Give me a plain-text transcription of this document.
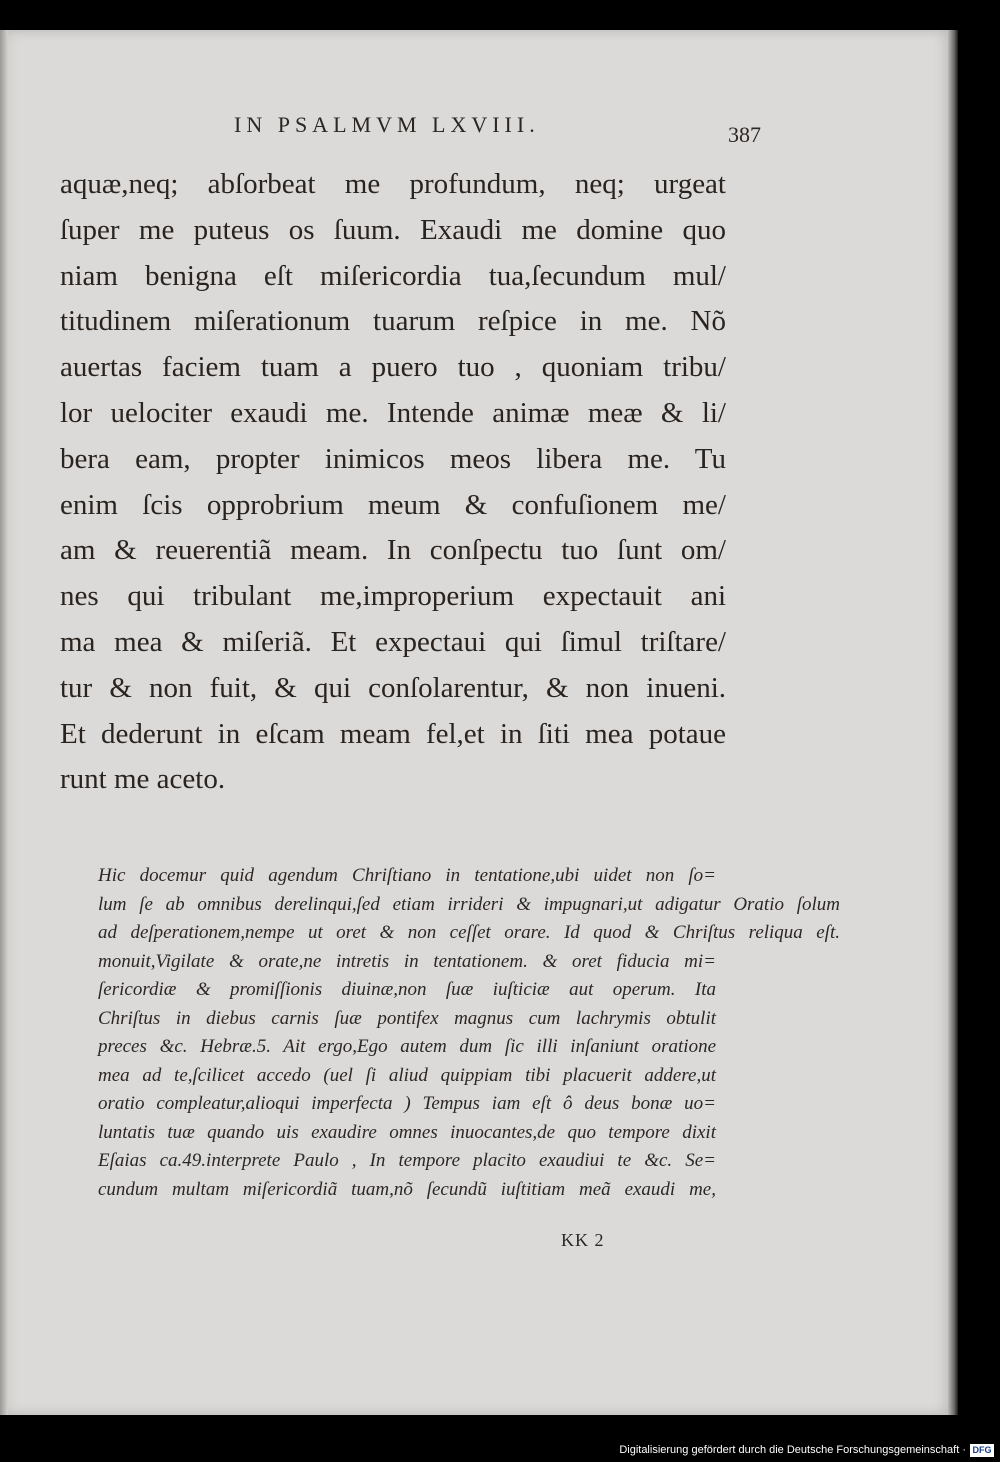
IN PSALMVM LXVIII.	387
aquæ,neq; abſorbeat me profundum, neq; urgeat
ſuper me puteus os ſuum. Exaudi me domine quo
niam benigna eſt miſericordia tua,ſecundum mul/
titudinem miſerationum tuarum reſpice in me. Nõ
auertas faciem tuam a puero tuo , quoniam tribu/
lor uelociter exaudi me. Intende animæ meæ & li/
bera eam, propter inimicos meos libera me. Tu
enim ſcis opprobrium meum & confuſionem me/
am & reuerentiã meam. In conſpectu tuo ſunt om/
nes qui tribulant me,improperium expectauit ani
ma mea & miſeriã. Et expectaui qui ſimul triſtare/
tur & non fuit, & qui conſolarentur, & non inueni.
Et dederunt in eſcam meam fel,et in ſiti mea potaue
runt me aceto.
Hic docemur quid agendum Chriſtiano in tentatione,ubi uidet non ſo=
lum ſe ab omnibus derelinqui,ſed etiam irrideri & impugnari,ut adigatur Oratio ſolum
ad deſperationem,nempe ut oret & non ceſſet orare. Id quod & Chriſtus reliqua eſt.
monuit,Vigilate & orate,ne intretis in tentationem. & oret fiducia mi=
ſericordiæ & promiſſionis diuinæ,non ſuæ iuſticiæ aut operum. Ita
Chriſtus in diebus carnis ſuæ pontifex magnus cum lachrymis obtulit
preces &c. Hebræ.5. Ait ergo,Ego autem dum ſic illi inſaniunt oratione
mea ad te,ſcilicet accedo (uel ſi aliud quippiam tibi placuerit addere,ut
oratio compleatur,alioqui imperfecta ) Tempus iam eſt ô deus bonæ uo=
luntatis tuæ quando uis exaudire omnes inuocantes,de quo tempore dixit
Eſaias ca.49.interprete Paulo , In tempore placito exaudiui te &c. Se=
cundum multam miſericordiã tuam,nõ ſecundũ iuſtitiam meã exaudi me,
KK 2
Digitalisierung gefördert durch die Deutsche Forschungsgemeinschaft · DFG
